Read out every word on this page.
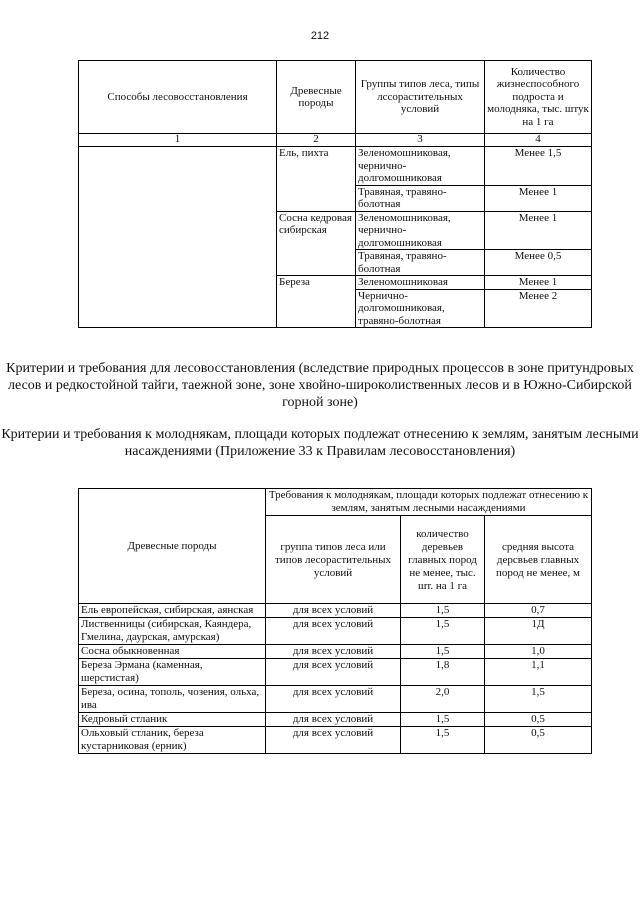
212
Способы лесовосстановления	Древесные породы	Группы типов леса, типы лссорастительных условий	Количество жизнеспособного подроста и молодняка, тыс. штук на 1 га
1	2	3	4
	Ель, пихта	Зеленомошниковая, чернично-долгомошниковая	Менее 1,5
		Травяная, травяно-болотная	Менее 1
	Сосна кедровая сибирская	Зеленомошниковая, чернично-долгомошниковая	Менее 1
		Травяная, травяно-болотная	Менее 0,5
	Береза	Зеленомошниковая	Менее 1
		Чернично-долгомошниковая, травяно-болотная	Менее 2
Критерии и требования для лесовосстановления (вследствие природных процессов в зоне притундровых лесов и редкостойной тайги, таежной зоне, зоне хвойно-широколиственных лесов и в Южно-Сибирской горной зоне)
Критерии и требования к молоднякам, площади которых подлежат отнесению к землям, занятым лесными насаждениями (Приложение 33 к Правилам лесовосстановления)
Древесные породы	Требования к молоднякам, площади которых подлежат отнесению к землям, занятым лесными насаждениями		
	группа типов леса или типов лесорастительных условий	количество деревьев главных пород не менее, тыс. шт. на 1 га	средняя высота дерсвьев главных пород не менее, м
Ель европейская, сибирская, аянская	для всех условий	1,5	0,7
Лиственницы (сибирская, Каяндера, Гмелина, даурская, амурская)	для всех условий	1,5	1Д
Сосна обыкновенная	для всех условий	1,5	1,0
Береза Эрмана (каменная, шерстистая)	для всех условий	1,8	1,1
Береза, осина, тополь, чозения, ольха, ива	для всех условий	2,0	1,5
Кедровый стланик	для всех условий	1,5	0,5
Ольховый стланик, береза кустарниковая (ерник)	для всех условий	1,5	0,5
